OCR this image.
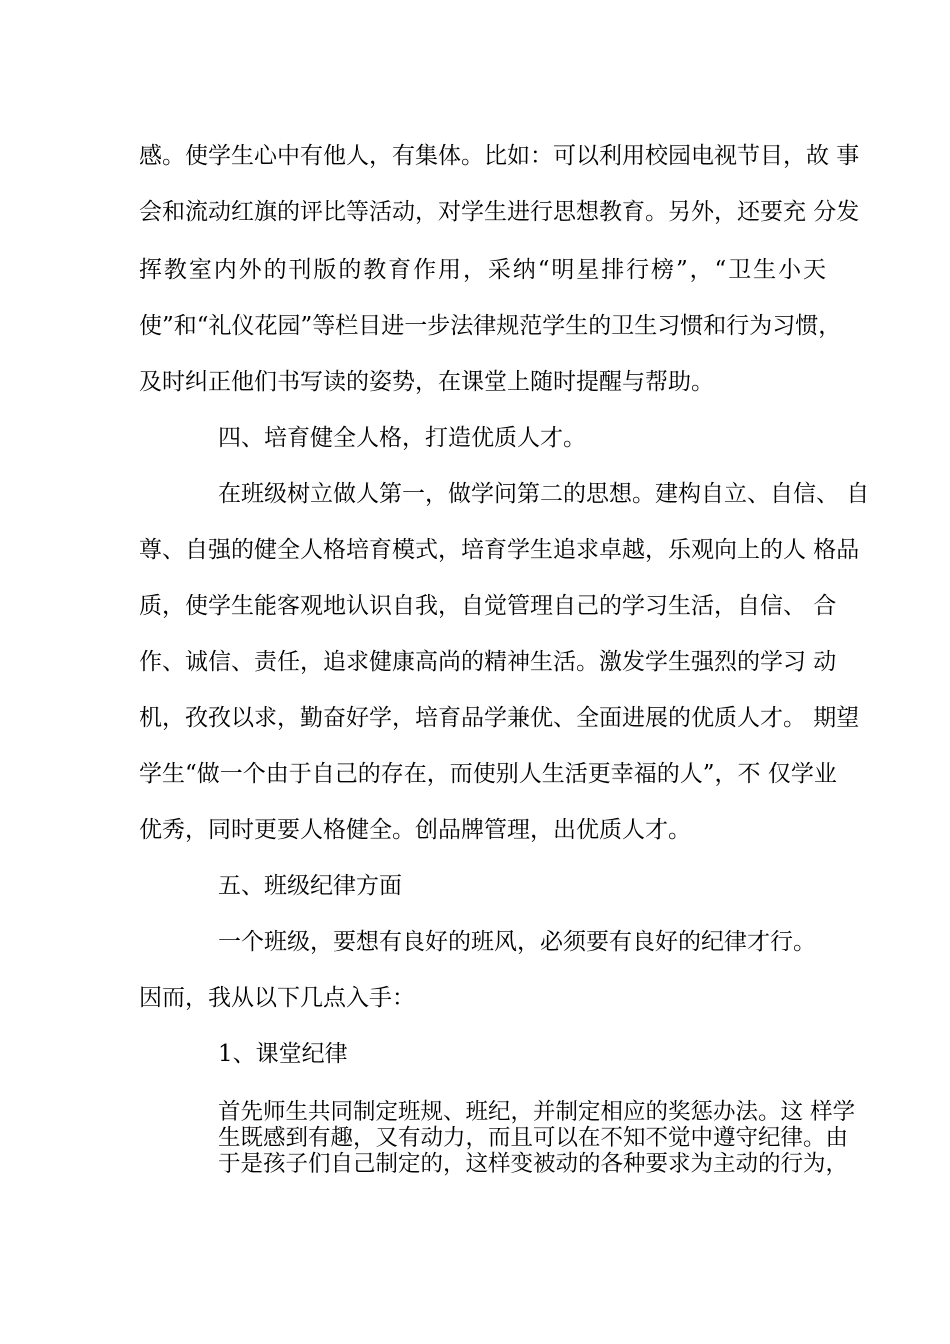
感。使学生心中有他人，有集体。比如：可以利用校园电视节目，故 事
会和流动红旗的评比等活动，对学生进行思想教育。另外，还要充 分发
挥教室内外的刊版的教育作用，采纳“明星排行榜”，“卫生小天
使”和“礼仪花园”等栏目进一步法律规范学生的卫生习惯和行为习惯，
及时纠正他们书写读的姿势，在课堂上随时提醒与帮助。
四、培育健全人格，打造优质人才。
在班级树立做人第一，做学问第二的思想。建构自立、自信、 自
尊、自强的健全人格培育模式，培育学生追求卓越，乐观向上的人 格品
质，使学生能客观地认识自我，自觉管理自己的学习生活，自信、 合
作、诚信、责任，追求健康高尚的精神生活。激发学生强烈的学习 动
机，孜孜以求，勤奋好学，培育品学兼优、全面进展的优质人才。 期望
学生“做一个由于自己的存在，而使别人生活更幸福的人”，不 仅学业
优秀，同时更要人格健全。创品牌管理，出优质人才。
五、班级纪律方面
一个班级，要想有良好的班风，必须要有良好的纪律才行。
因而，我从以下几点入手：
1、课堂纪律
首先师生共同制定班规、班纪，并制定相应的奖惩办法。这 样学
生既感到有趣，又有动力，而且可以在不知不觉中遵守纪律。由
于是孩子们自己制定的，这样变被动的各种要求为主动的行为，
